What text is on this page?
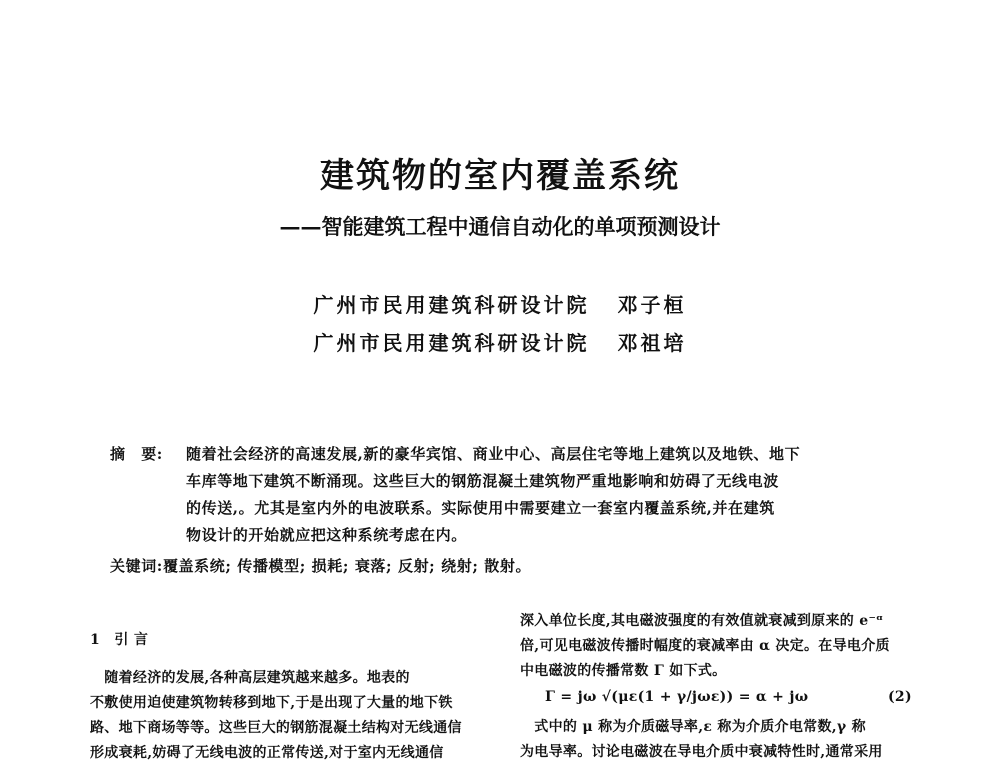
建筑物的室内覆盖系统
——智能建筑工程中通信自动化的单项预测设计
广州市民用建筑科研设计院 邓子桓
广州市民用建筑科研设计院 邓祖培
摘　要: 随着社会经济的高速发展,新的豪华宾馆、商业中心、高层住宅等地上建筑以及地铁、地下
车库等地下建筑不断涌现。这些巨大的钢筋混凝土建筑物严重地影响和妨碍了无线电波
的传送,。尤其是室内外的电波联系。实际使用中需要建立一套室内覆盖系统,并在建筑
物设计的开始就应把这种系统考虑在内。
关键词:覆盖系统; 传播模型; 损耗; 衰落; 反射; 绕射; 散射。
1　引 言
　随着经济的发展,各种高层建筑越来越多。地表的
不敷使用迫使建筑物转移到地下,于是出现了大量的地下铁
路、地下商场等等。这些巨大的钢筋混凝土结构对无线通信
形成衰耗,妨碍了无线电波的正常传送,对于室内无线通信
深入单位长度,其电磁波强度的有效值就衰减到原来的 e⁻ᵅ
倍,可见电磁波传播时幅度的衰减率由 α 决定。在导电介质
中电磁波的传播常数 Γ 如下式。
Γ = jω √(με(1 + γ/jωε)) = α + jω	(2)
　式中的 μ 称为介质磁导率,ε 称为介质介电常数,γ 称
为电导率。讨论电磁波在导电介质中衰减特性时,通常采用
